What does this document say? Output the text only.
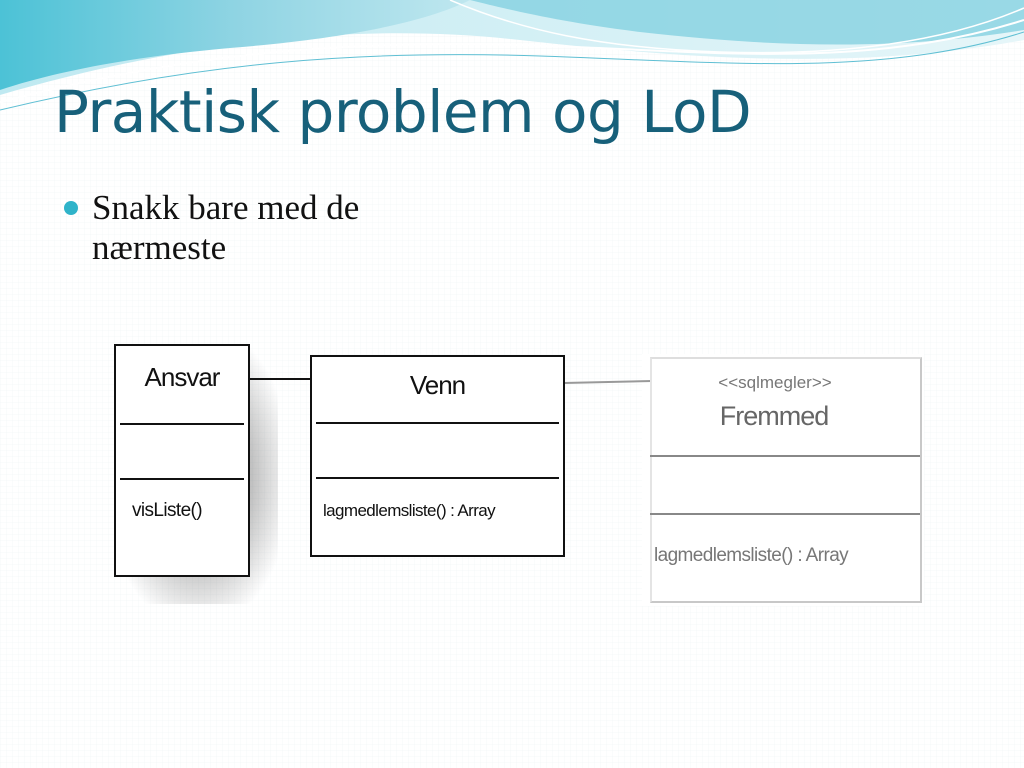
Praktisk problem og LoD

Snakk bare med de
nærmeste

Ansvar
visListe()
Venn
lagmedlemsliste() : Array
<<sqlmegler>>
Fremmed
lagmedlemsliste() : Array
